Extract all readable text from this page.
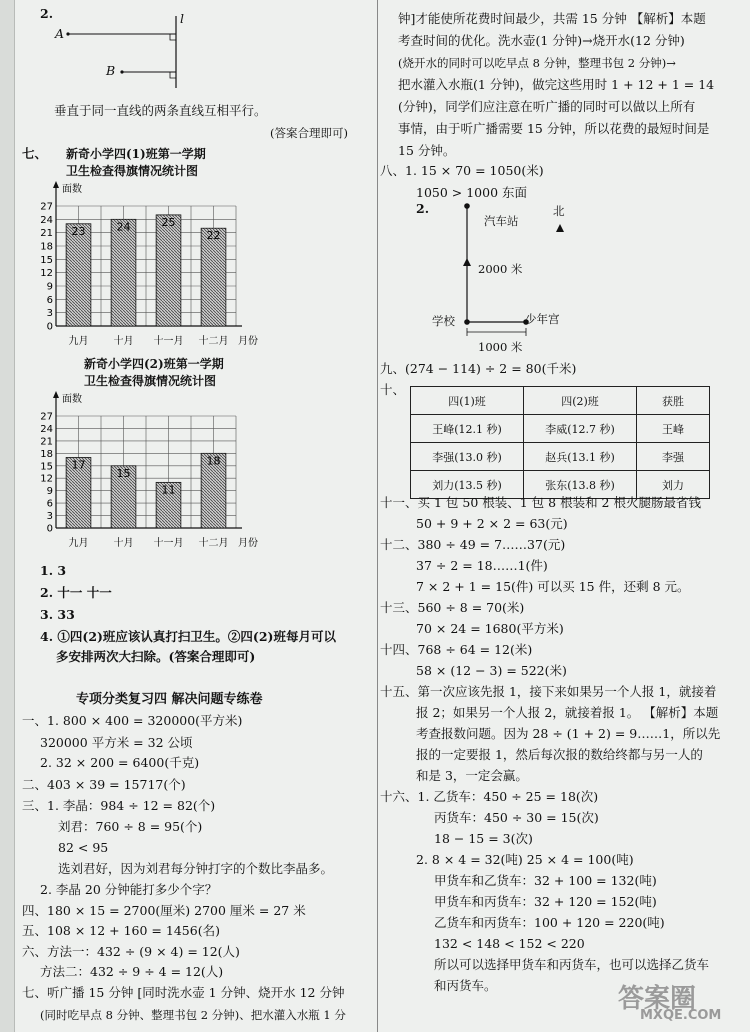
2.
A
B
l
垂直于同一直线的两条直线互相平行。
(答案合理即可)
七、 新奇小学四(1)班第一学期
卫生检查得旗情况统计图
0
3
6
9
12
15
18
21
24
27
面数
月份
23
九月
24
十月
25
十一月
22
十二月
新奇小学四(2)班第一学期
卫生检查得旗情况统计图
0
3
6
9
12
15
18
21
24
27
面数
月份
17
九月
15
十月
11
十一月
18
十二月
1. 3
2. 十一 十一
3. 33
4. ①四(2)班应该认真打扫卫生。②四(2)班每月可以
多安排两次大扫除。(答案合理即可)
专项分类复习四 解决问题专练卷
一、1. 800 × 400 = 320000(平方米)
320000 平方米 = 32 公顷
2. 32 × 200 = 6400(千克)
二、403 × 39 = 15717(个)
三、1. 李晶：984 ÷ 12 = 82(个)
刘君：760 ÷ 8 = 95(个)
82 < 95
选刘君好，因为刘君每分钟打字的个数比李晶多。
2. 李晶 20 分钟能打多少个字？
四、180 × 15 = 2700(厘米) 2700 厘米 = 27 米
五、108 × 12 + 160 = 1456(名)
六、方法一：432 ÷ (9 × 4) = 12(人)
方法二：432 ÷ 9 ÷ 4 = 12(人)
七、听广播 15 分钟 [同时洗水壶 1 分钟、烧开水 12 分钟
(同时吃早点 8 分钟、整理书包 2 分钟)、把水灌入水瓶 1 分
钟]才能使所花费时间最少，共需 15 分钟 【解析】本题
考查时间的优化。洗水壶(1 分钟)→烧开水(12 分钟)
(烧开水的同时可以吃早点 8 分钟，整理书包 2 分钟)→
把水灌入水瓶(1 分钟)，做完这些用时 1 + 12 + 1 = 14
(分钟)，同学们应注意在听广播的同时可以做以上所有
事情，由于听广播需要 15 分钟，所以花费的最短时间是
15 分钟。
八、1. 15 × 70 = 1050(米)
1050 > 1000 东面
2.	北
汽车站
2000 米
学校	少年宫
1000 米
九、(274 − 114) ÷ 2 = 80(千米)
十、
四(1)班	四(2)班	获胜
王峰(12.1 秒)	李威(12.7 秒)	王峰
李强(13.0 秒)	赵兵(13.1 秒)	李强
刘力(13.5 秒)	张东(13.8 秒)	刘力
十一、买 1 包 50 根装、1 包 8 根装和 2 根火腿肠最省钱
50 + 9 + 2 × 2 = 63(元)
十二、380 ÷ 49 = 7……37(元)
37 ÷ 2 = 18……1(件)
7 × 2 + 1 = 15(件) 可以买 15 件，还剩 8 元。
十三、560 ÷ 8 = 70(米)
70 × 24 = 1680(平方米)
十四、768 ÷ 64 = 12(米)
58 × (12 − 3) = 522(米)
十五、第一次应该先报 1，接下来如果另一个人报 1，就接着
报 2；如果另一个人报 2，就接着报 1。 【解析】本题
考查报数问题。因为 28 ÷ (1 + 2) = 9……1，所以先
报的一定要报 1，然后每次报的数给终都与另一人的
和是 3，一定会赢。
十六、1. 乙货车：450 ÷ 25 = 18(次)
丙货车：450 ÷ 30 = 15(次)
18 − 15 = 3(次)
2. 8 × 4 = 32(吨) 25 × 4 = 100(吨)
甲货车和乙货车：32 + 100 = 132(吨)
甲货车和丙货车：32 + 120 = 152(吨)
乙货车和丙货车：100 + 120 = 220(吨)
132 < 148 < 152 < 220
所以可以选择甲货车和丙货车，也可以选择乙货车
和丙货车。	答案圈
MXQE.COM
